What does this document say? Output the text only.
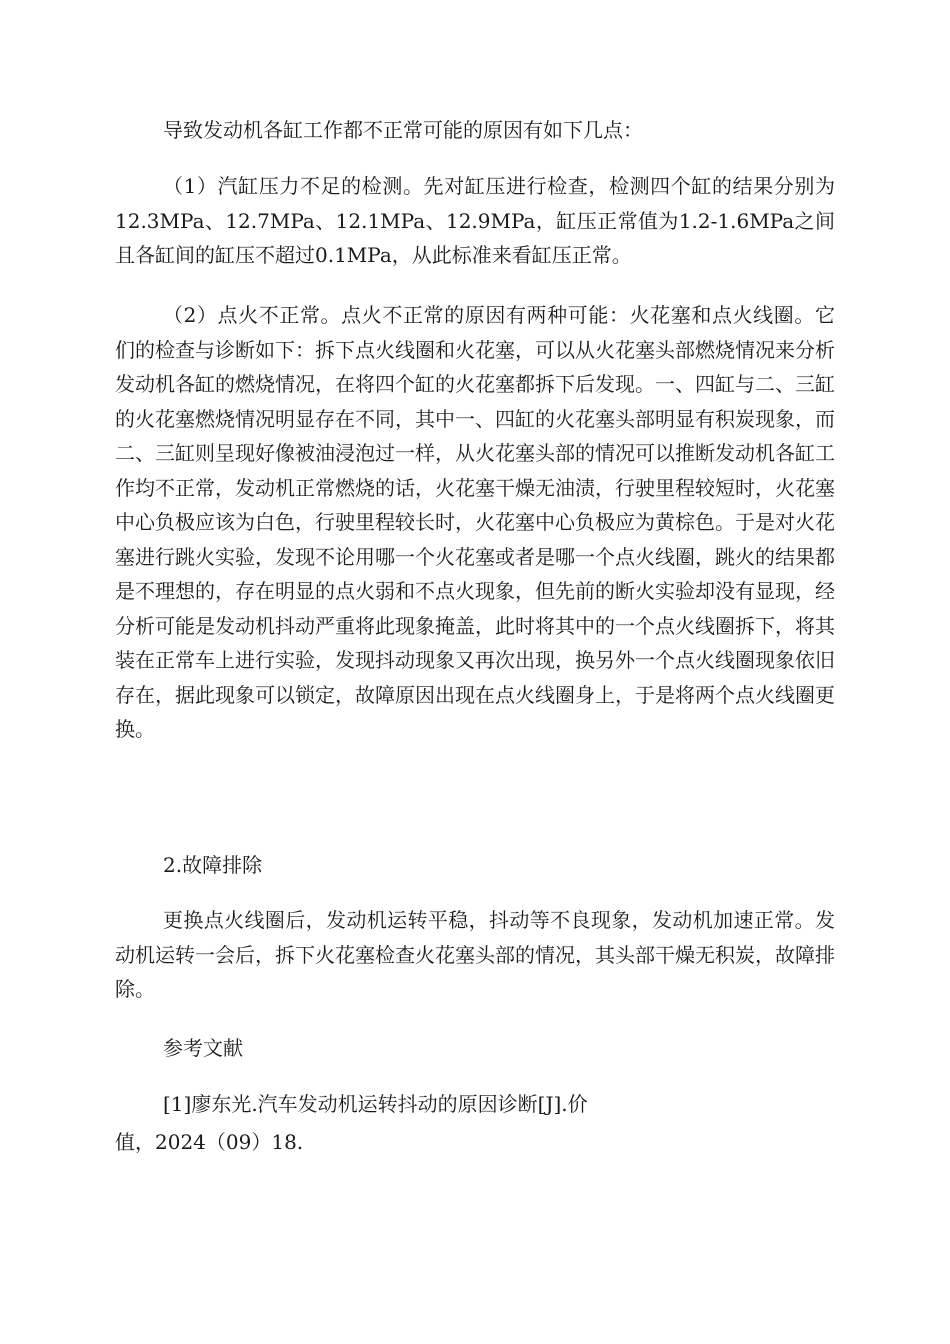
导致发动机各缸工作都不正常可能的原因有如下几点：

（1）汽缸压力不足的检测。先对缸压进行检查，检测四个缸的结果分别为12.3MPa、12.7MPa、12.1MPa、12.9MPa，缸压正常值为1.2-1.6MPa之间且各缸间的缸压不超过0.1MPa，从此标准来看缸压正常。

（2）点火不正常。点火不正常的原因有两种可能：火花塞和点火线圈。它们的检查与诊断如下：拆下点火线圈和火花塞，可以从火花塞头部燃烧情况来分析发动机各缸的燃烧情况，在将四个缸的火花塞都拆下后发现。一、四缸与二、三缸的火花塞燃烧情况明显存在不同，其中一、四缸的火花塞头部明显有积炭现象，而二、三缸则呈现好像被油浸泡过一样，从火花塞头部的情况可以推断发动机各缸工作均不正常，发动机正常燃烧的话，火花塞干燥无油渍，行驶里程较短时，火花塞中心负极应该为白色，行驶里程较长时，火花塞中心负极应为黄棕色。于是对火花塞进行跳火实验，发现不论用哪一个火花塞或者是哪一个点火线圈，跳火的结果都是不理想的，存在明显的点火弱和不点火现象，但先前的断火实验却没有显现，经分析可能是发动机抖动严重将此现象掩盖，此时将其中的一个点火线圈拆下，将其装在正常车上进行实验，发现抖动现象又再次出现，换另外一个点火线圈现象依旧存在，据此现象可以锁定，故障原因出现在点火线圈身上，于是将两个点火线圈更换。

2.故障排除

更换点火线圈后，发动机运转平稳，抖动等不良现象，发动机加速正常。发动机运转一会后，拆下火花塞检查火花塞头部的情况，其头部干燥无积炭，故障排除。

参考文献

[1]廖东光.汽车发动机运转抖动的原因诊断[J].价
值，2024（09）18.
